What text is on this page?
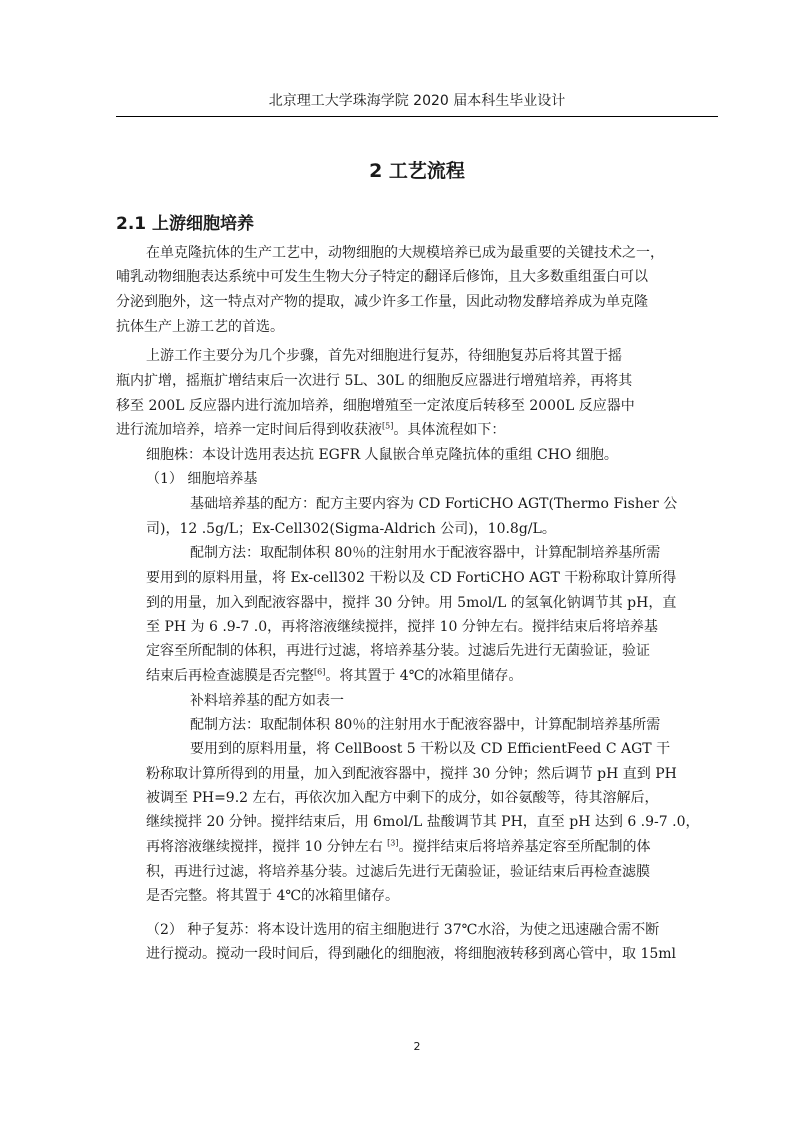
北京理工大学珠海学院 2020 届本科生毕业设计
2 工艺流程
2.1 上游细胞培养
在单克隆抗体的生产工艺中，动物细胞的大规模培养已成为最重要的关键技术之一，
哺乳动物细胞表达系统中可发生生物大分子特定的翻译后修饰，且大多数重组蛋白可以
分泌到胞外，这一特点对产物的提取，减少许多工作量，因此动物发酵培养成为单克隆
抗体生产上游工艺的首选。
上游工作主要分为几个步骤，首先对细胞进行复苏，待细胞复苏后将其置于摇
瓶内扩增，摇瓶扩增结束后一次进行 5L、30L 的细胞反应器进行增殖培养，再将其
移至 200L 反应器内进行流加培养，细胞增殖至一定浓度后转移至 2000L 反应器中
进行流加培养，培养一定时间后得到收获液[5]。具体流程如下：
细胞株：本设计选用表达抗 EGFR 人鼠嵌合单克隆抗体的重组 CHO 细胞。
（1） 细胞培养基
基础培养基的配方：配方主要内容为 CD FortiCHO AGT(Thermo Fisher 公
司)，12 .5g/L；Ex-Cell302(Sigma-Aldrich 公司)，10.8g/L。
配制方法：取配制体积 80％的注射用水于配液容器中，计算配制培养基所需
要用到的原料用量，将 Ex-cell302 干粉以及 CD FortiCHO AGT 干粉称取计算所得
到的用量，加入到配液容器中，搅拌 30 分钟。用 5mol/L 的氢氧化钠调节其 pH，直
至 PH 为 6 .9-7 .0，再将溶液继续搅拌，搅拌 10 分钟左右。搅拌结束后将培养基
定容至所配制的体积，再进行过滤，将培养基分装。过滤后先进行无菌验证，验证
结束后再检查滤膜是否完整[6]。将其置于 4℃的冰箱里储存。
补料培养基的配方如表一
配制方法：取配制体积 80％的注射用水于配液容器中，计算配制培养基所需
要用到的原料用量，将 CellBoost 5 干粉以及 CD EfficientFeed C AGT 干
粉称取计算所得到的用量，加入到配液容器中，搅拌 30 分钟；然后调节 pH 直到 PH
被调至 PH=9.2 左右，再依次加入配方中剩下的成分，如谷氨酸等，待其溶解后，
继续搅拌 20 分钟。搅拌结束后，用 6mol/L 盐酸调节其 PH，直至 pH 达到 6 .9-7 .0，
再将溶液继续搅拌，搅拌 10 分钟左右 [3]。搅拌结束后将培养基定容至所配制的体
积，再进行过滤，将培养基分装。过滤后先进行无菌验证，验证结束后再检查滤膜
是否完整。将其置于 4℃的冰箱里储存。
（2） 种子复苏：将本设计选用的宿主细胞进行 37℃水浴，为使之迅速融合需不断
进行搅动。搅动一段时间后，得到融化的细胞液，将细胞液转移到离心管中，取 15ml
2
